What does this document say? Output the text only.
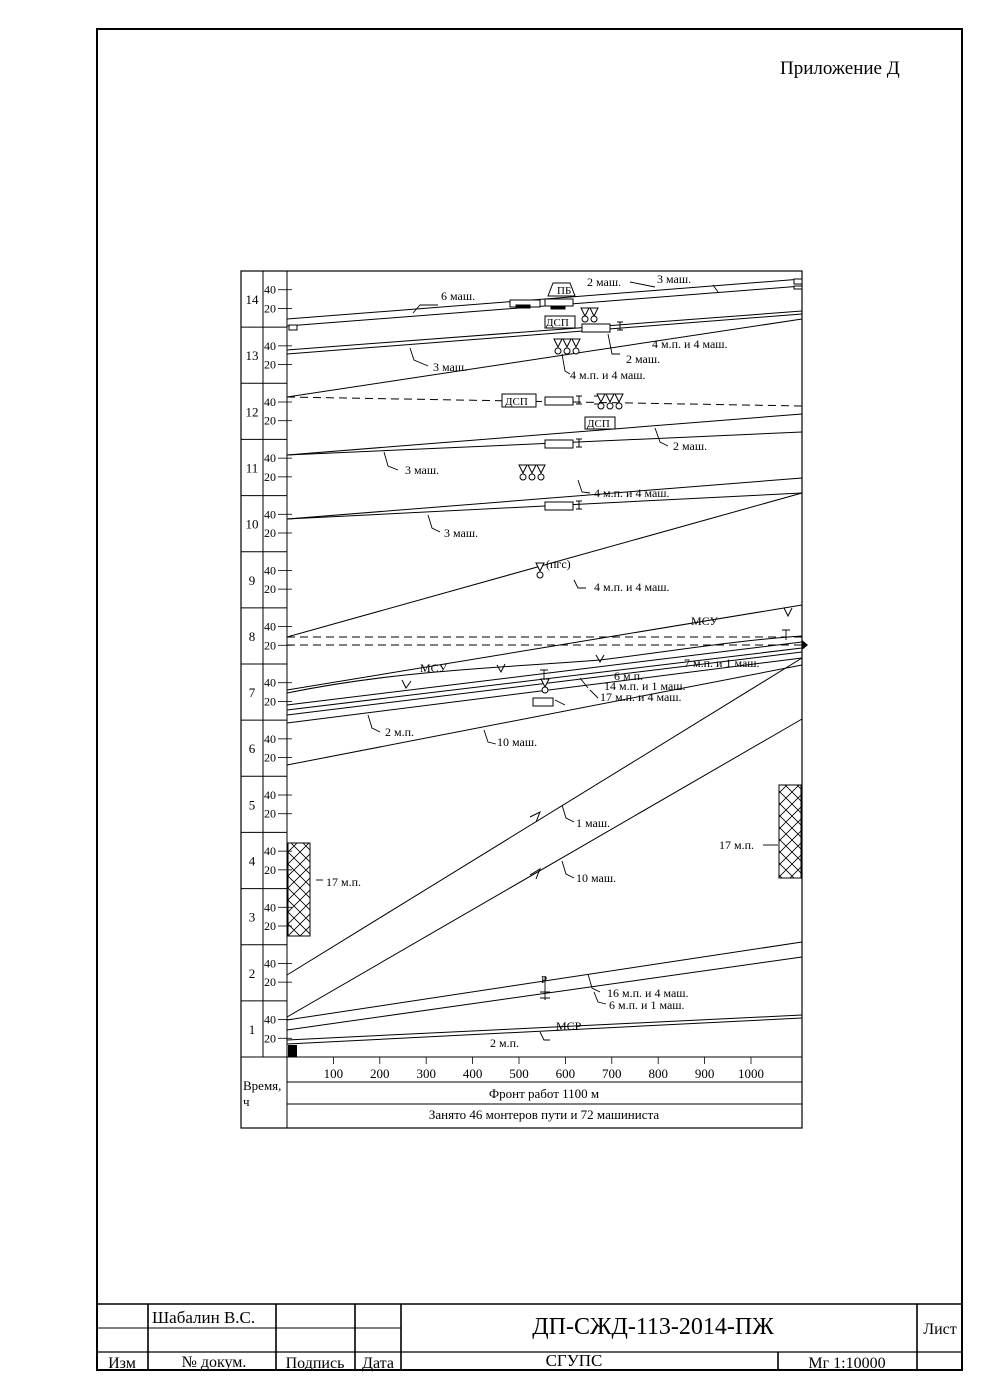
Приложение Д
1
40
20
2
40
20
3
40
20
4
40
20
5
40
20
6
40
20
7
40
20
8
40
20
9
40
20
10
40
20
11
40
20
12
40
20
13
40
20
14
40
20
100 200 300 400 500 600 700 800 900 1000
Время,
ч
Фронт работ 1100 м
Занято 46 монтеров пути и 72 машиниста
6 маш.	ПБ
2 маш.	3 маш.
ДСП
4 м.п. и 4 маш.
2 маш.
3 маш.
4 м.п. и 4 маш.
ДСП
ДСП
2 маш.
3 маш.
4 м.п. и 4 маш.
3 маш.
(пгс)
4 м.п. и 4 маш.
МСУ
7 м.п. и 1 маш.
МСУ
6 м.п.
14 м.п. и 1 маш.
17 м.п. и 4 маш.
2 м.п.
10 маш.
1 маш.
17 м.п.
10 маш.
17 м.п.
Р
16 м.п. и 4 маш.
6 м.п. и 1 маш.
МСР
2 м.п.
Шабалин В.С.	ДП-СЖД-113-2014-ПЖ	Лист
Изм	№ докум. Подпись Дата	СГУПС	Мг 1:10000
